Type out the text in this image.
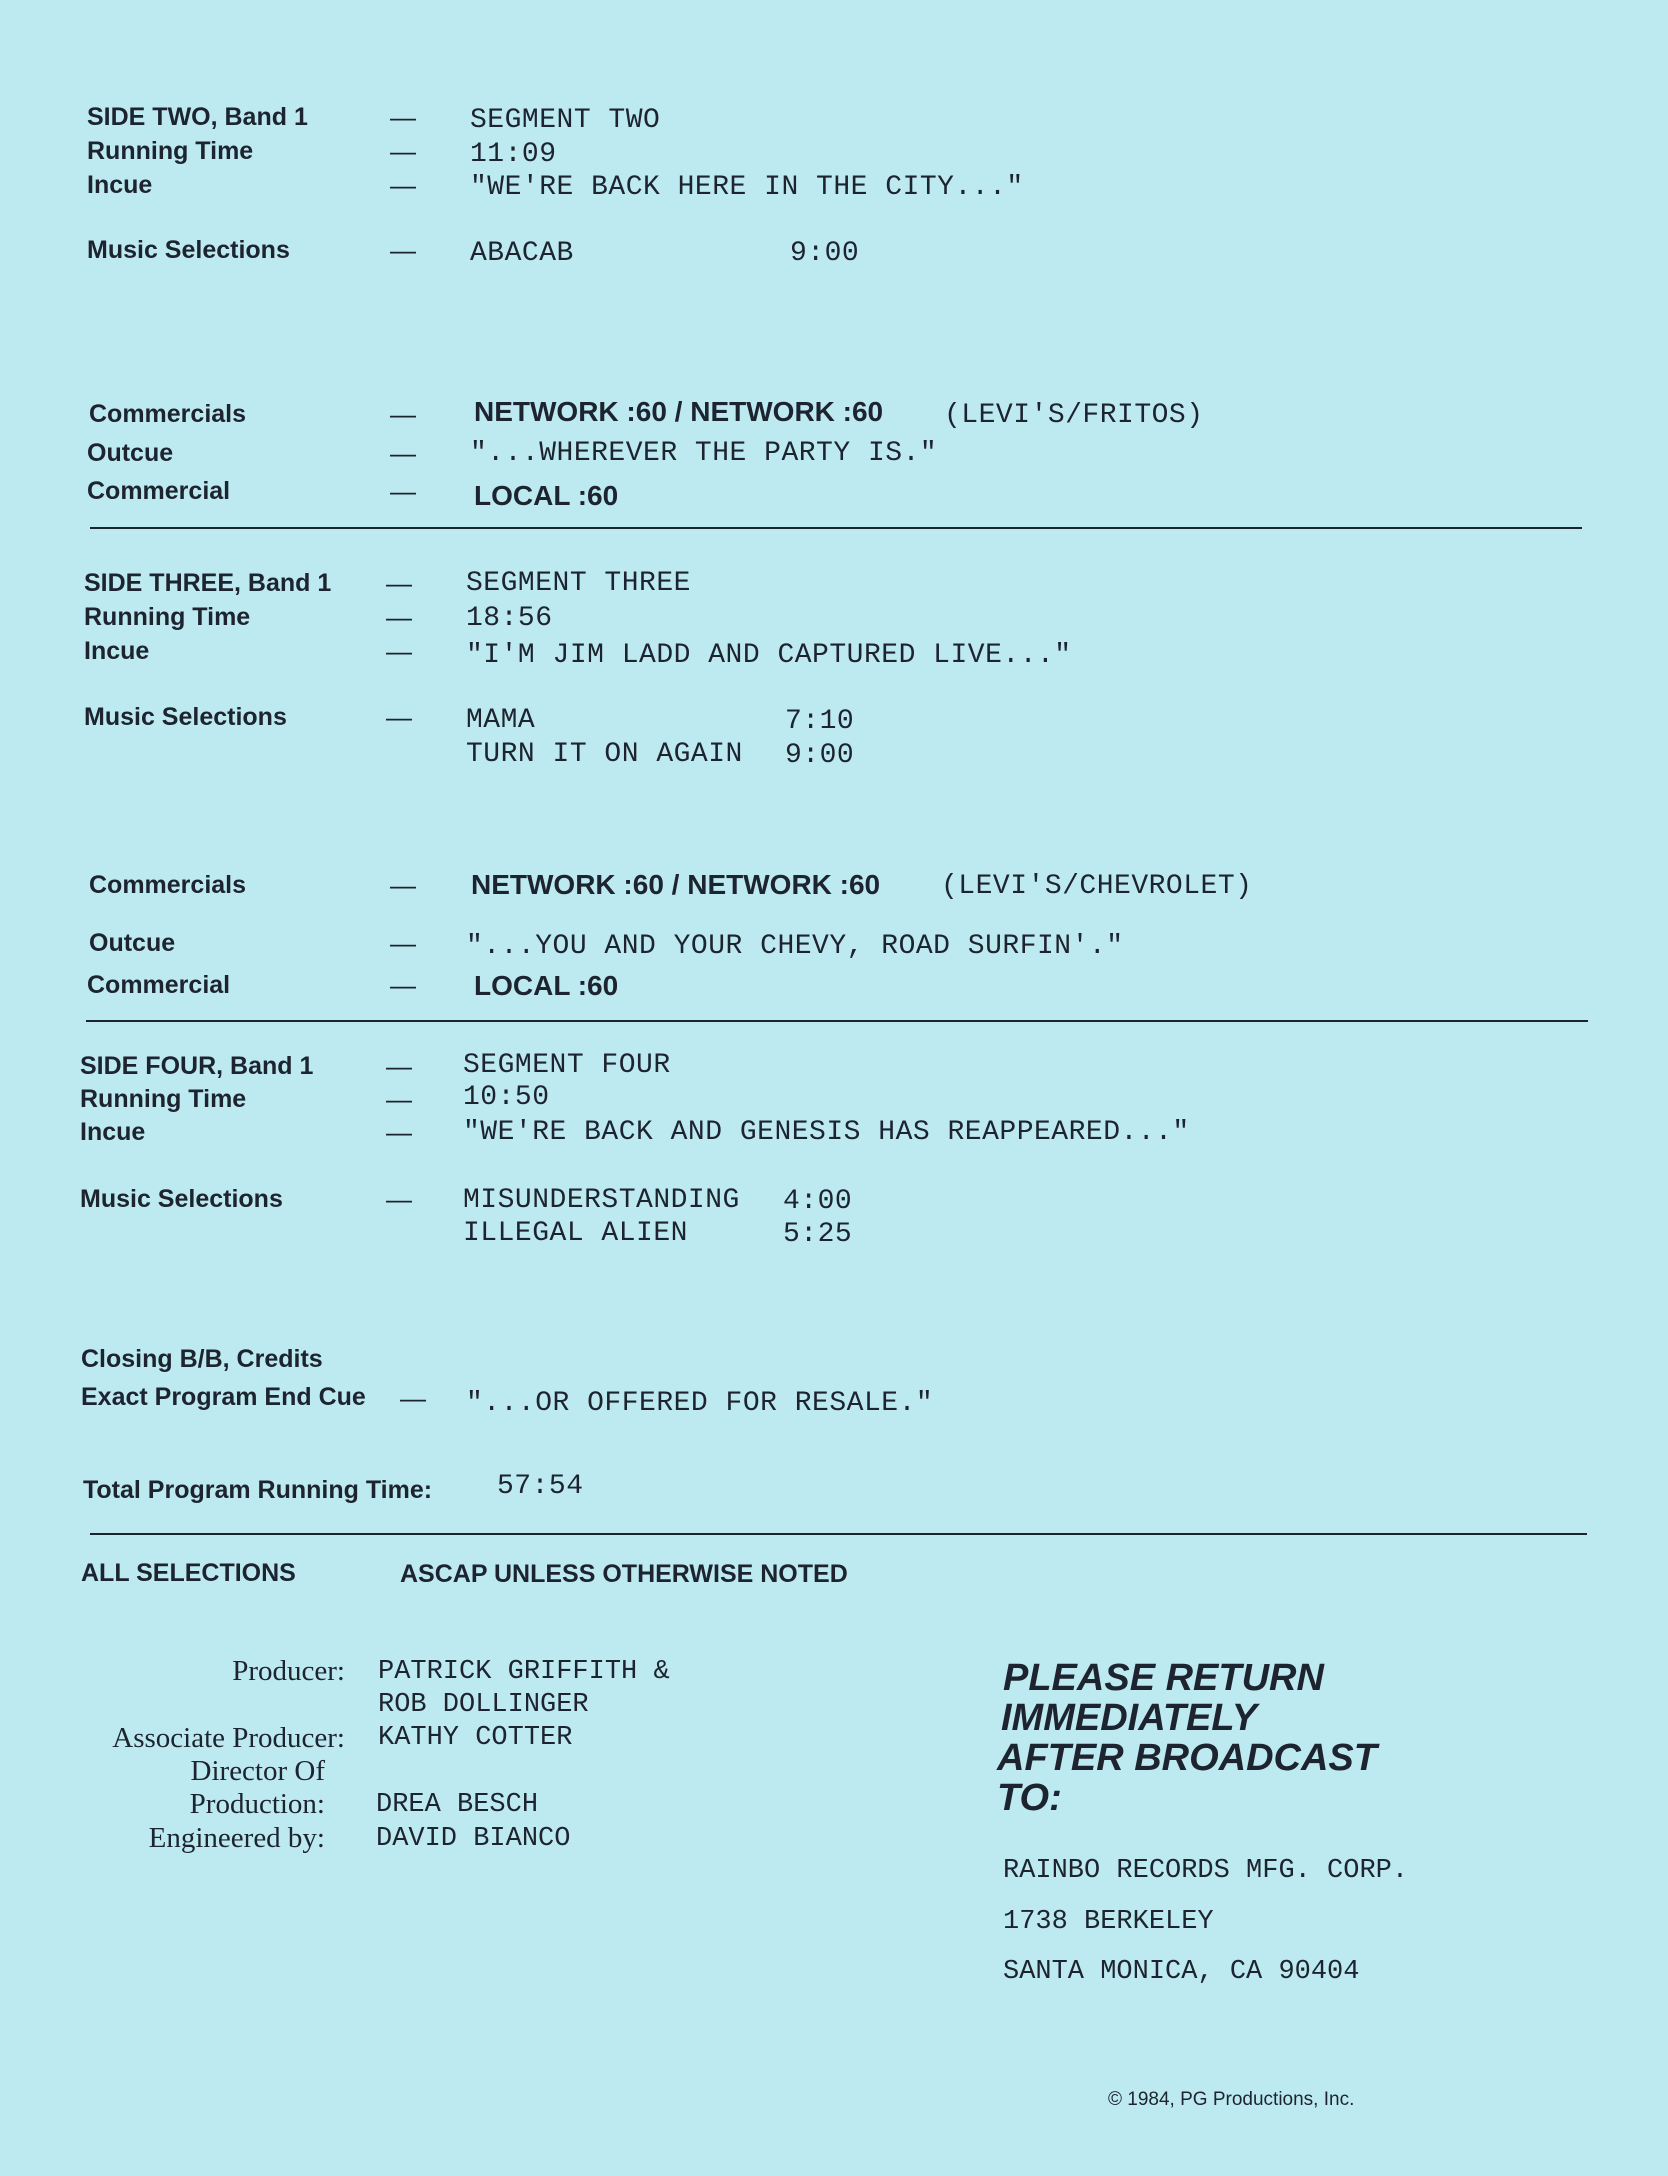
SIDE TWO, Band 1	— SEGMENT TWO
Running Time	— 11:09
Incue	— "WE'RE BACK HERE IN THE CITY..."
Music Selections	— ABACAB	9:00
Commercials	— NETWORK :60 / NETWORK :60 (LEVI'S/FRITOS)
Outcue	— "...WHEREVER THE PARTY IS."
Commercial	— LOCAL :60
SIDE THREE, Band 1 — SEGMENT THREE
Running Time	— 18:56
Incue	— "I'M JIM LADD AND CAPTURED LIVE..."
Music Selections	— MAMA	7:10
TURN IT ON AGAIN 9:00
Commercials	— NETWORK :60 / NETWORK :60 (LEVI'S/CHEVROLET)
Outcue	— "...YOU AND YOUR CHEVY, ROAD SURFIN'."
Commercial	— LOCAL :60
SIDE FOUR, Band 1	— SEGMENT FOUR
Running Time	— 10:50
Incue	— "WE'RE BACK AND GENESIS HAS REAPPEARED..."
Music Selections	— MISUNDERSTANDING 4:00
ILLEGAL ALIEN	5:25
Closing B/B, Credits
Exact Program End Cue — "...OR OFFERED FOR RESALE."
Total Program Running Time: 57:54
ALL SELECTIONS	ASCAP UNLESS OTHERWISE NOTED
Producer: PATRICK GRIFFITH &
ROB DOLLINGER
Associate Producer: KATHY COTTER
Director Of
Production: DREA BESCH
Engineered by: DAVID BIANCO
PLEASE RETURN
IMMEDIATELY
AFTER BROADCAST
TO:
RAINBO RECORDS MFG. CORP.
1738 BERKELEY
SANTA MONICA, CA 90404
© 1984, PG Productions, Inc.
